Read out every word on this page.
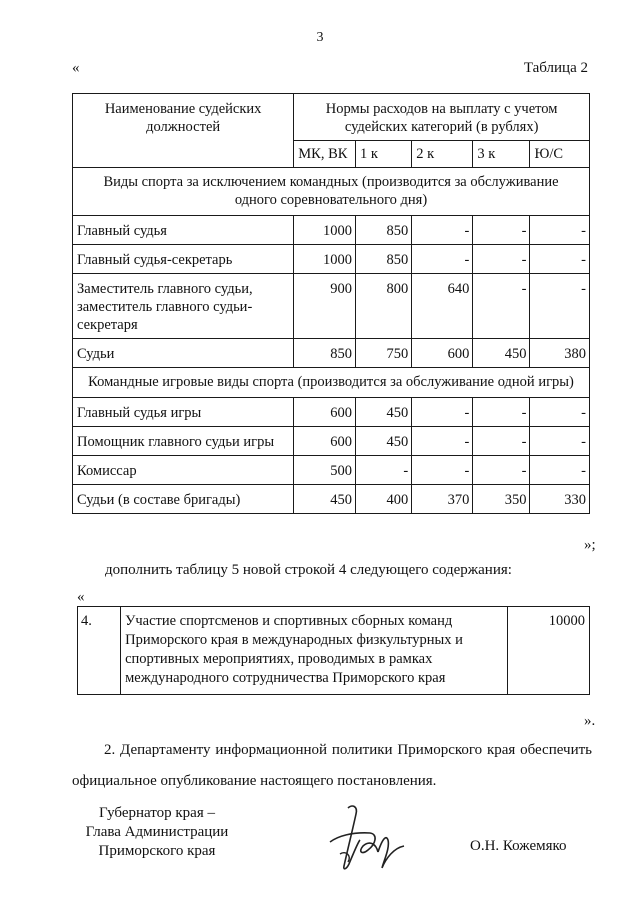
3
«	Таблица 2
Наименование судейских должностей	Нормы расходов на выплату с учетом судейских категорий (в рублях)				
	МК, ВК	1 к	2 к	3 к	Ю/С
Виды спорта за исключением командных (производится за обслуживание одного соревновательного дня)					
Главный судья	1000	850	-	-	-
Главный судья-секретарь	1000	850	-	-	-
Заместитель главного судьи, заместитель главного судьи-секретаря	900	800	640	-	-
Судьи	850	750	600	450	380
Командные игровые виды спорта (производится за обслуживание одной игры)					
Главный судья игры	600	450	-	-	-
Помощник главного судьи игры	600	450	-	-	-
Комиссар	500	-	-	-	-
Судьи (в составе бригады)	450	400	370	350	330
»;
дополнить таблицу 5 новой строкой 4 следующего содержания:
«
4.	Участие спортсменов и спортивных сборных команд Приморского края в международных физкультурных и спортивных мероприятиях, проводимых в рамках международного сотрудничества Приморского края	10000
».
2. Департаменту информационной политики Приморского края обеспечить официальное опубликование настоящего постановления.
Губернатор края –
Глава Администрации
Приморского края	О.Н. Кожемяко
